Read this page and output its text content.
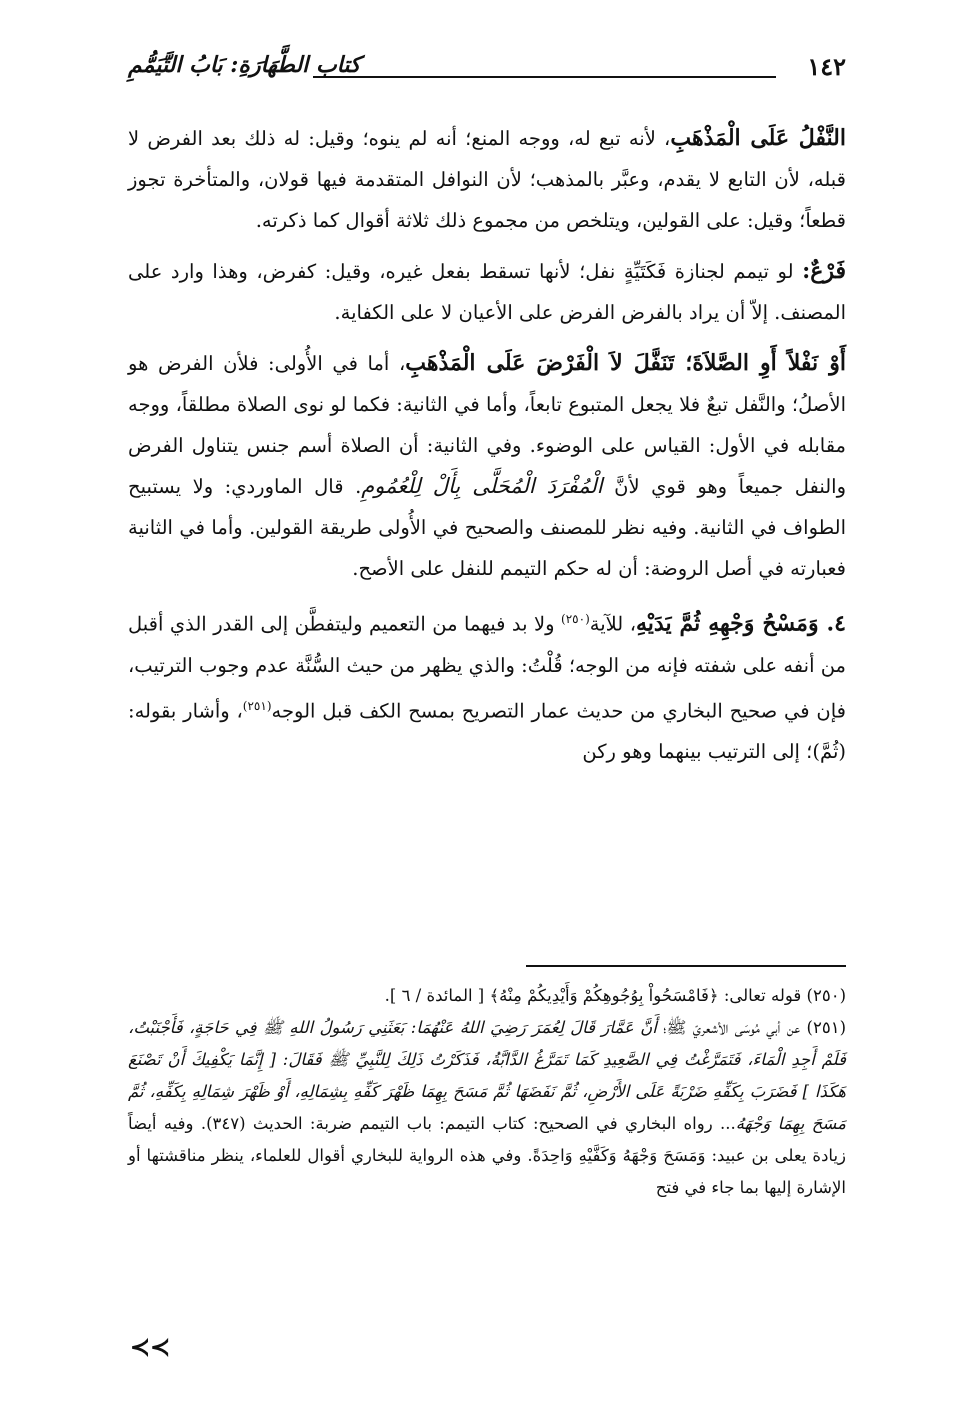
١٤٢
كتاب الطَّهَارَةِ: بَابُ التَّيَمُّمِ

النَّفْلُ عَلَى الْمَذْهَبِ، لأنه تبع له، ووجه المنع؛ أنه لم ينوه؛ وقيل: له ذلك بعد الفرض لا قبله، لأن التابع لا يقدم، وعبَّر بالمذهب؛ لأن النوافل المتقدمة فيها قولان، والمتأخرة تجوز قطعاً؛ وقيل: على القولين، ويتلخص من مجموع ذلك ثلاثة أقوال كما ذكرته.

فَرْعٌ: لو تيمم لجنازة فَكَتَيِّةٍ نفل؛ لأنها تسقط بفعل غيره، وقيل: كفرض، وهذا وارد على المصنف. إلاّ أن يراد بالفرض الفرض على الأعيان لا على الكفاية.

أَوْ نَفْلاً أَوِ الصَّلاَةَ؛ تَنَفَّلَ لاَ الْفَرْضَ عَلَى الْمَذْهَبِ، أما في الأُولى: فلأن الفرض هو الأصلُ؛ والنَّفل تبعٌ فلا يجعل المتبوع تابعاً، وأما في الثانية: فكما لو نوى الصلاة مطلقاً، ووجه مقابله في الأول: القياس على الوضوء. وفي الثانية: أن الصلاة أسم جنس يتناول الفرض والنفل جميعاً وهو قوي لأنَّ الْمُفْرَدَ الْمُحَلَّى بِأَلْ لِلْعُمُومِ. قال الماوردي: ولا يستبيح الطواف في الثانية. وفيه نظر للمصنف والصحيح في الأُولى طريقة القولين. وأما في الثانية فعبارته في أصل الروضة: أن له حكم التيمم للنفل على الأصح.

٤. وَمَسْحُ وَجْهِهِ ثُمَّ يَدَيْهِ، للآية$^{(٢٥٠)}$ ولا بد فيهما من التعميم وليتفطَّن إلى القدر الذي أقبل من أنفه على شفته فإنه من الوجه؛ قُلْتُ: والذي يظهر من حيث السُّنَّة عدم وجوب الترتيب، فإن في صحيح البخاري من حديث عمار التصريح بمسح الكف قبل الوجه$^{(٢٥١)}$، وأشار بقوله: (ثُمَّ)؛ إلى الترتيب بينهما وهو ركن

(٢٥٠) قوله تعالى: ﴿فَامْسَحُواْ بِوُجُوهِكُمْ وَأَيْدِيكُمْ مِنْهُ﴾ [ المائدة / ٦ ].

(٢٥١) عن أبي مُوسَى الأشعريّ ﷺ؛ أَنَّ عَمَّارَ قَالَ لِعُمَرَ رَضِيَ اللهُ عَنْهُمَا: بَعَثَنِي رَسُولُ اللهِ ﷺ فِي حَاجَةٍ، فَأَجْنَبْتُ، فَلَمْ أَجِدِ الْمَاءَ، فَتَمَرَّغْتُ فِي الصَّعِيدِ كَمَا تَمَرَّغُ الدَّابَّةُ، فَذَكَرْتُ ذَلِكَ لِلنَّبِيِّ ﷺ فَقَالَ: [ إِنَّمَا يَكْفِيكَ أَنْ تَصْنَعَ هَكَذَا ] فَضَرَبَ بِكَفِّهِ ضَرْبَةً عَلَى الأَرْضِ، ثُمَّ نَفَضَهَا ثُمَّ مَسَحَ بِهِمَا ظَهْرَ كَفِّهِ بِشِمَالِهِ، أَوْ ظَهْرَ شِمَالِهِ بِكَفِّهِ، ثُمَّ مَسَحَ بِهِمَا وَجْهَهُ... رواه البخاري في الصحيح: كتاب التيمم: باب التيمم ضربة: الحديث (٣٤٧). وفيه أيضاً زيادة يعلى بن عبيد: وَمَسَحَ وَجْهَهُ وَكَفَّيْهِ وَاحِدَةً. وفي هذه الرواية للبخاري أقوال للعلماء، ينظر مناقشتها أو الإشارة إليها بما جاء في فتح

≺≺
